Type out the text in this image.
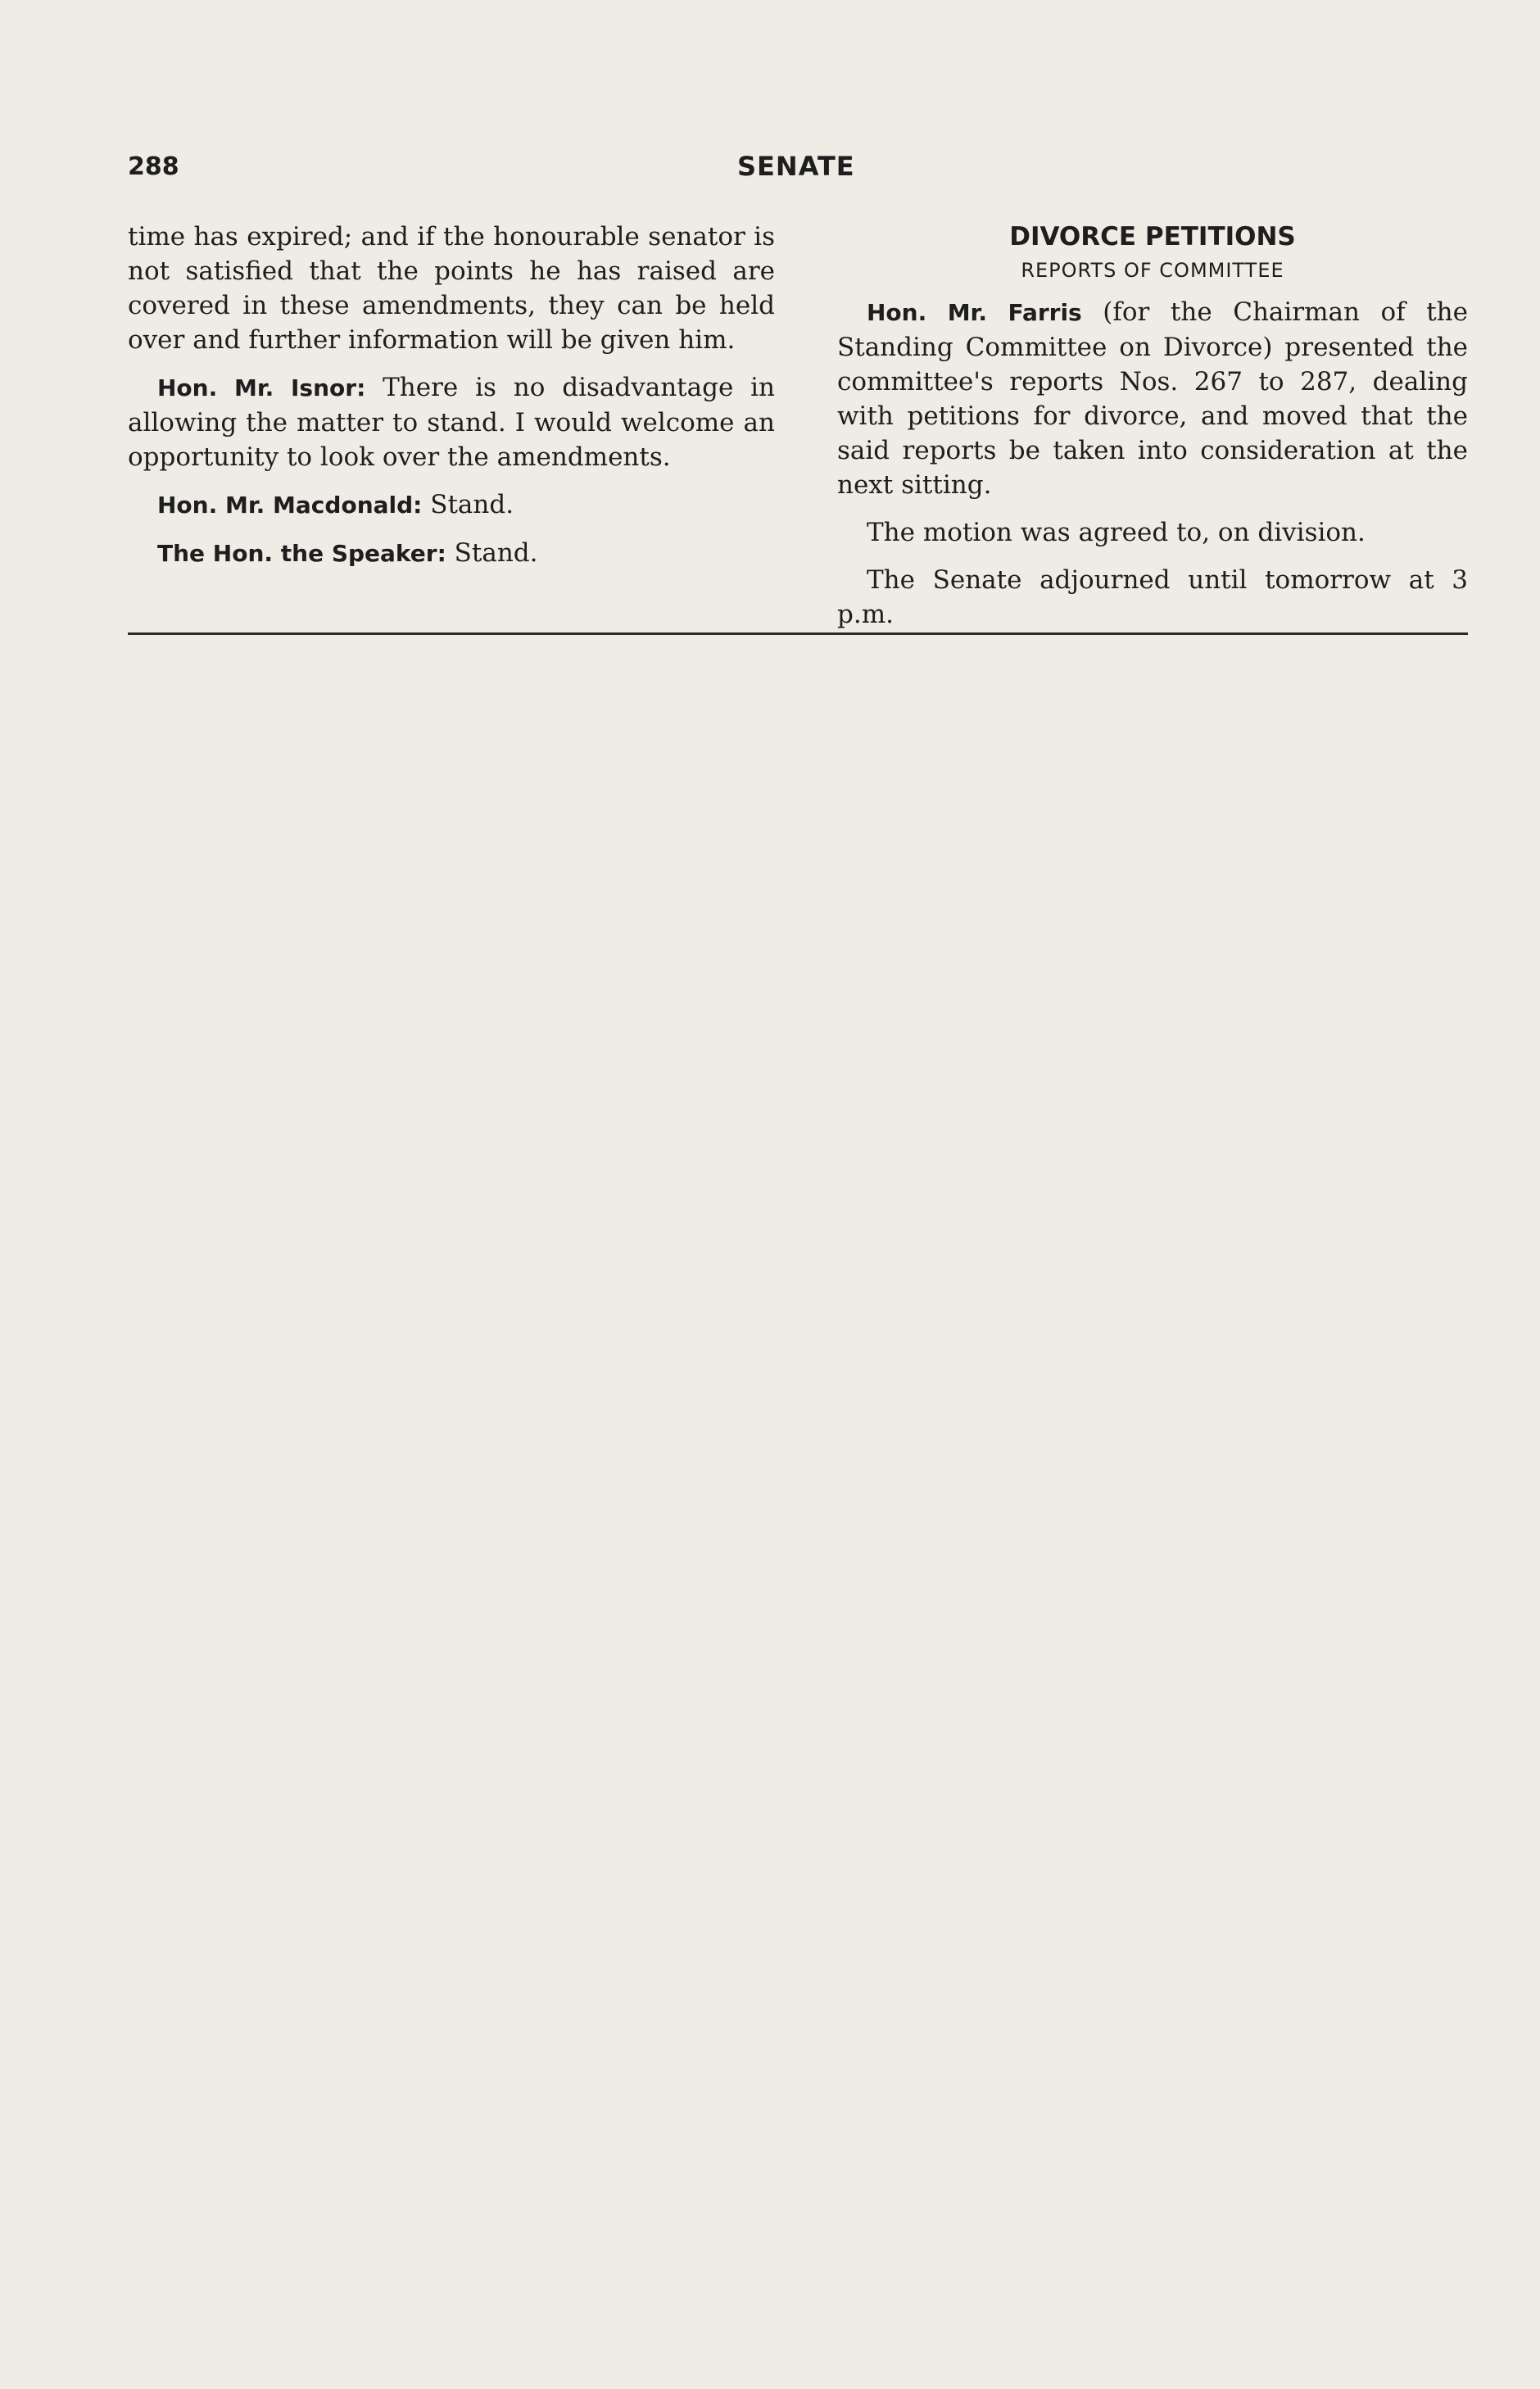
288	SENATE

time has expired; and if the honourable senator is not satisfied that the points he has raised are covered in these amendments, they can be held over and further information will be given him.

Hon. Mr. Isnor: There is no disadvantage in allowing the matter to stand. I would welcome an opportunity to look over the amendments.

Hon. Mr. Macdonald: Stand.

The Hon. the Speaker: Stand.

DIVORCE PETITIONS
REPORTS OF COMMITTEE

Hon. Mr. Farris (for the Chairman of the Standing Committee on Divorce) presented the committee's reports Nos. 267 to 287, dealing with petitions for divorce, and moved that the said reports be taken into consideration at the next sitting.

The motion was agreed to, on division.

The Senate adjourned until tomorrow at 3 p.m.
